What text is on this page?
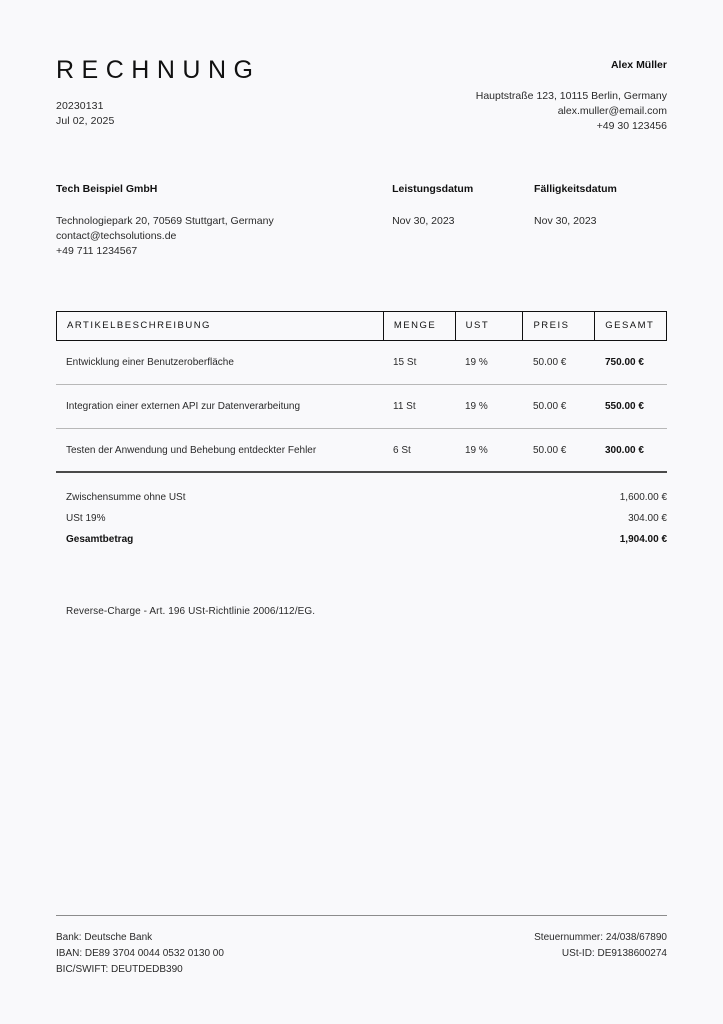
RECHNUNG
20230131
Jul 02, 2025
Alex Müller
Hauptstraße 123, 10115 Berlin, Germany
alex.muller@email.com
+49 30 123456
Tech Beispiel GmbH
Technologiepark 20, 70569 Stuttgart, Germany
contact@techsolutions.de
+49 711 1234567
Leistungsdatum
Nov 30, 2023
Fälligkeitsdatum
Nov 30, 2023
ARTIKELBESCHREIBUNG	MENGE	UST	PREIS	GESAMT
Entwicklung einer Benutzeroberfläche	15 St	19 %	50.00 €	750.00 €
Integration einer externen API zur Datenverarbeitung	11 St	19 %	50.00 €	550.00 €
Testen der Anwendung und Behebung entdeckter Fehler	6 St	19 %	50.00 €	300.00 €
Zwischensumme ohne USt	1,600.00 €
USt 19%	304.00 €
Gesamtbetrag	1,904.00 €
Reverse-Charge - Art. 196 USt-Richtlinie 2006/112/EG.
Bank: Deutsche Bank
IBAN: DE89 3704 0044 0532 0130 00
BIC/SWIFT: DEUTDEDB390
Steuernummer: 24/038/67890
USt-ID: DE9138600274
